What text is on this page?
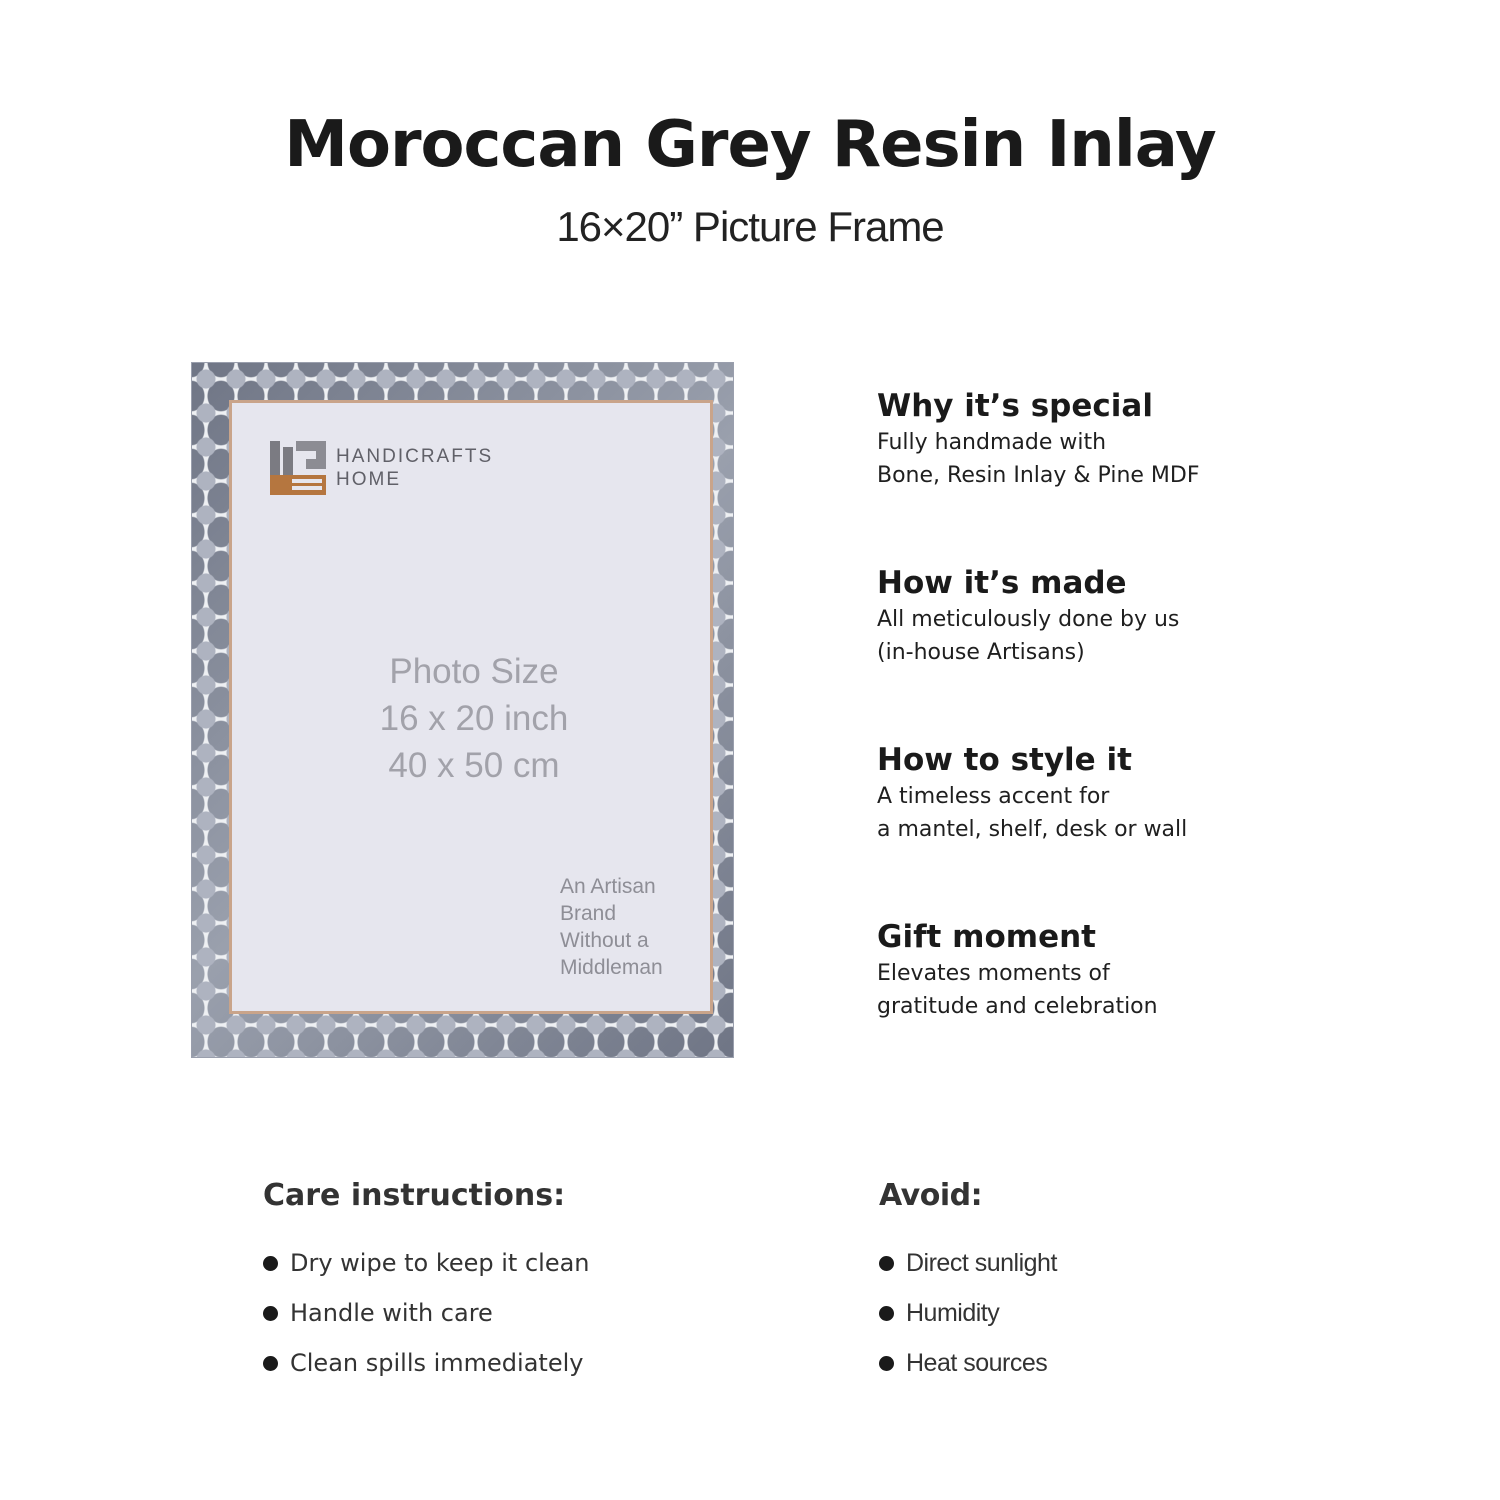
Moroccan Grey Resin Inlay
16×20” Picture Frame
HANDICRAFTS
HOME
Photo Size
16 x 20 inch
40 x 50 cm
An Artisan
Brand
Without a
Middleman
Why it’s special

Fully handmade with
Bone, Resin Inlay & Pine MDF

How it’s made

All meticulously done by us
(in-house Artisans)

How to style it

A timeless accent for
a mantel, shelf, desk or wall

Gift moment

Elevates moments of
gratitude and celebration

Care instructions:
Dry wipe to keep it clean
Handle with care
Clean spills immediately
Avoid:
Direct sunlight
Humidity
Heat sources
